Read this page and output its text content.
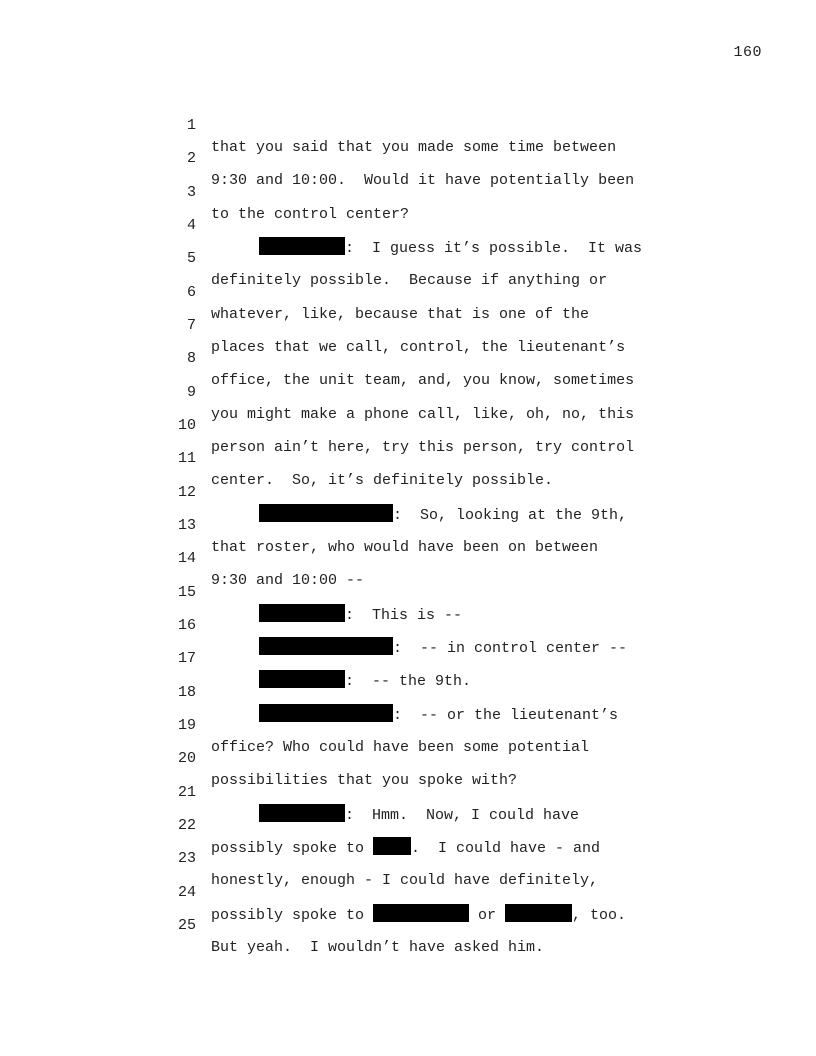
160

1

that you said that you made some time between

2

9:30 and 10:00.  Would it have potentially been

3

to the control center?

4

:  I guess it’s possible.  It was

5

definitely possible.  Because if anything or

6

whatever, like, because that is one of the

7

places that we call, control, the lieutenant’s

8

office, the unit team, and, you know, sometimes

9

you might make a phone call, like, oh, no, this

10

person ain’t here, try this person, try control

11

center.  So, it’s definitely possible.

12

:  So, looking at the 9th,

13

that roster, who would have been on between

14

9:30 and 10:00 --

15

:  This is --

16

:  -- in control center --

17

:  -- the 9th.

18

:  -- or the lieutenant’s

19

office? Who could have been some potential

20

possibilities that you spoke with?

21

:  Hmm.  Now, I could have

22

possibly spoke to	.  I could have - and

23

honestly, enough - I could have definitely,

24

possibly spoke to	or	, too.

25

But yeah.  I wouldn’t have asked him.
